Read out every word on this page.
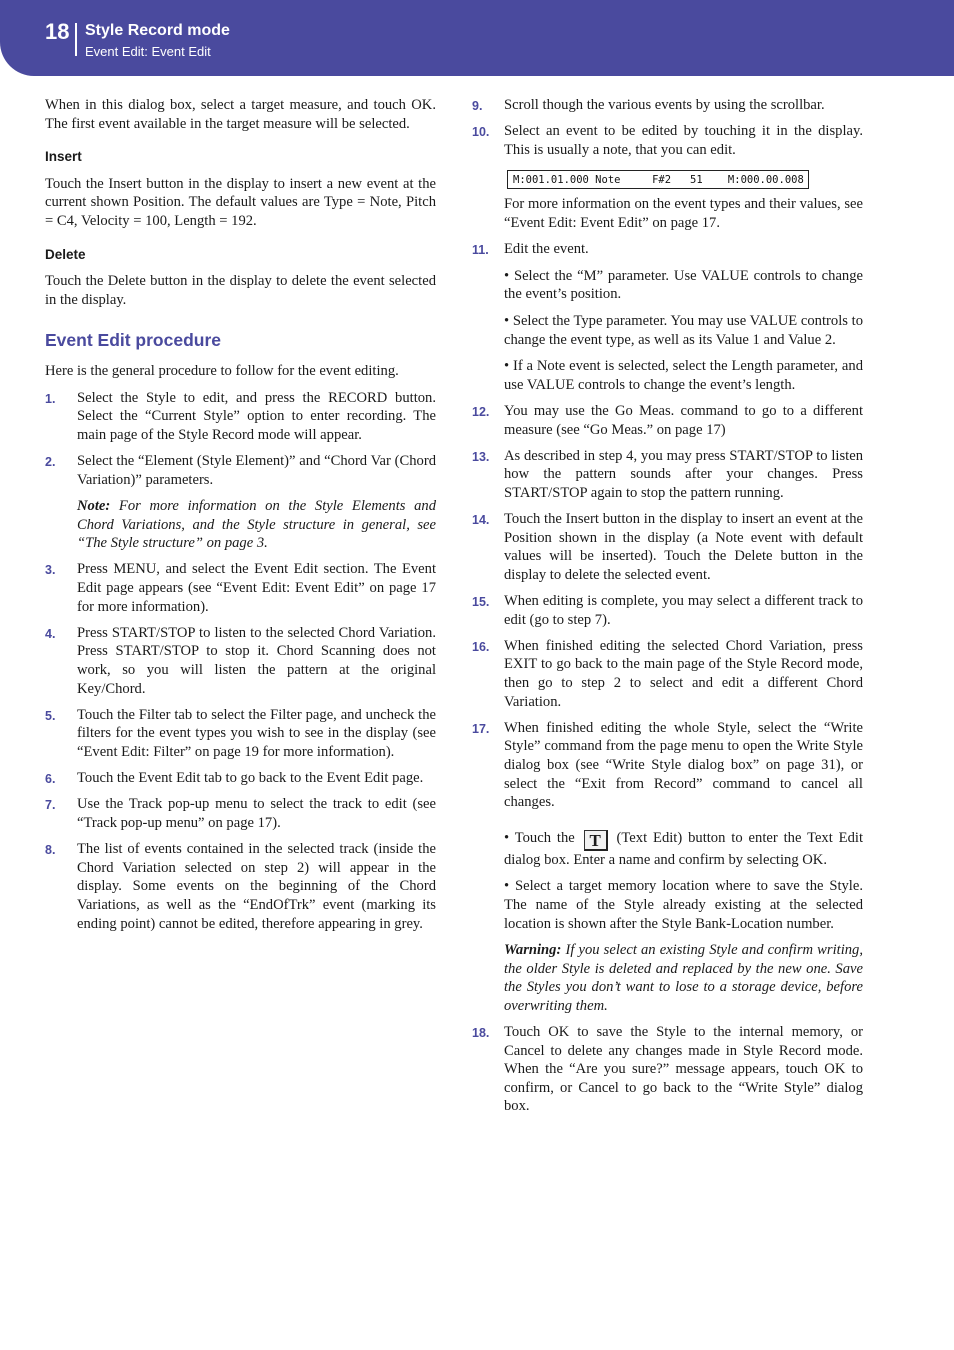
18 Style Record mode
Event Edit: Event Edit

When in this dialog box, select a target measure, and touch OK. The first event available in the target measure will be selected.

Insert

Touch the Insert button in the display to insert a new event at the current shown Position. The default values are Type = Note, Pitch = C4, Velocity = 100, Length = 192.

Delete

Touch the Delete button in the display to delete the event selected in the display.

Event Edit procedure

Here is the general procedure to follow for the event editing.

1. Select the Style to edit, and press the RECORD button. Select the “Current Style” option to enter recording. The main page of the Style Record mode will appear.
2. Select the “Element (Style Element)” and “Chord Var (Chord Variation)” parameters.
Note: For more information on the Style Elements and Chord Variations, and the Style structure in general, see “The Style structure” on page 3.
3. Press MENU, and select the Event Edit section. The Event Edit page appears (see “Event Edit: Event Edit” on page 17 for more information).
4. Press START/STOP to listen to the selected Chord Variation. Press START/STOP to stop it. Chord Scanning does not work, so you will listen the pattern at the original Key/Chord.
5. Touch the Filter tab to select the Filter page, and uncheck the filters for the event types you wish to see in the display (see “Event Edit: Filter” on page 19 for more information).
6. Touch the Event Edit tab to go back to the Event Edit page.
7. Use the Track pop-up menu to select the track to edit (see “Track pop-up menu” on page 17).
8. The list of events contained in the selected track (inside the Chord Variation selected on step 2) will appear in the display. Some events on the beginning of the Chord Variations, as well as the “EndOfTrk” event (marking its ending point) cannot be edited, therefore appearing in grey.
9. Scroll though the various events by using the scrollbar.
10. Select an event to be edited by touching it in the display. This is usually a note, that you can edit.
M:001.01.000 Note     F#2   51    M:000.00.008
For more information on the event types and their values, see “Event Edit: Event Edit” on page 17.
11. Edit the event.
• Select the “M” parameter. Use VALUE controls to change the event’s position.
• Select the Type parameter. You may use VALUE controls to change the event type, as well as its Value 1 and Value 2.
• If a Note event is selected, select the Length parameter, and use VALUE controls to change the event’s length.
12. You may use the Go Meas. command to go to a different measure (see “Go Meas.” on page 17)
13. As described in step 4, you may press START/STOP to listen how the pattern sounds after your changes. Press START/STOP again to stop the pattern running.
14. Touch the Insert button in the display to insert an event at the Position shown in the display (a Note event with default values will be inserted). Touch the Delete button in the display to delete the selected event.
15. When editing is complete, you may select a different track to edit (go to step 7).
16. When finished editing the selected Chord Variation, press EXIT to go back to the main page of the Style Record mode, then go to step 2 to select and edit a different Chord Variation.
17. When finished editing the whole Style, select the “Write Style” command from the page menu to open the Write Style dialog box (see “Write Style dialog box” on page 31), or select the “Exit from Record” command to cancel all changes.
• Touch the T (Text Edit) button to enter the Text Edit dialog box. Enter a name and confirm by selecting OK.
• Select a target memory location where to save the Style. The name of the Style already existing at the selected location is shown after the Style Bank-Location number.
Warning: If you select an existing Style and confirm writing, the older Style is deleted and replaced by the new one. Save the Styles you don’t want to lose to a storage device, before overwriting them.
18. Touch OK to save the Style to the internal memory, or Cancel to delete any changes made in Style Record mode. When the “Are you sure?” message appears, touch OK to confirm, or Cancel to go back to the “Write Style” dialog box.
